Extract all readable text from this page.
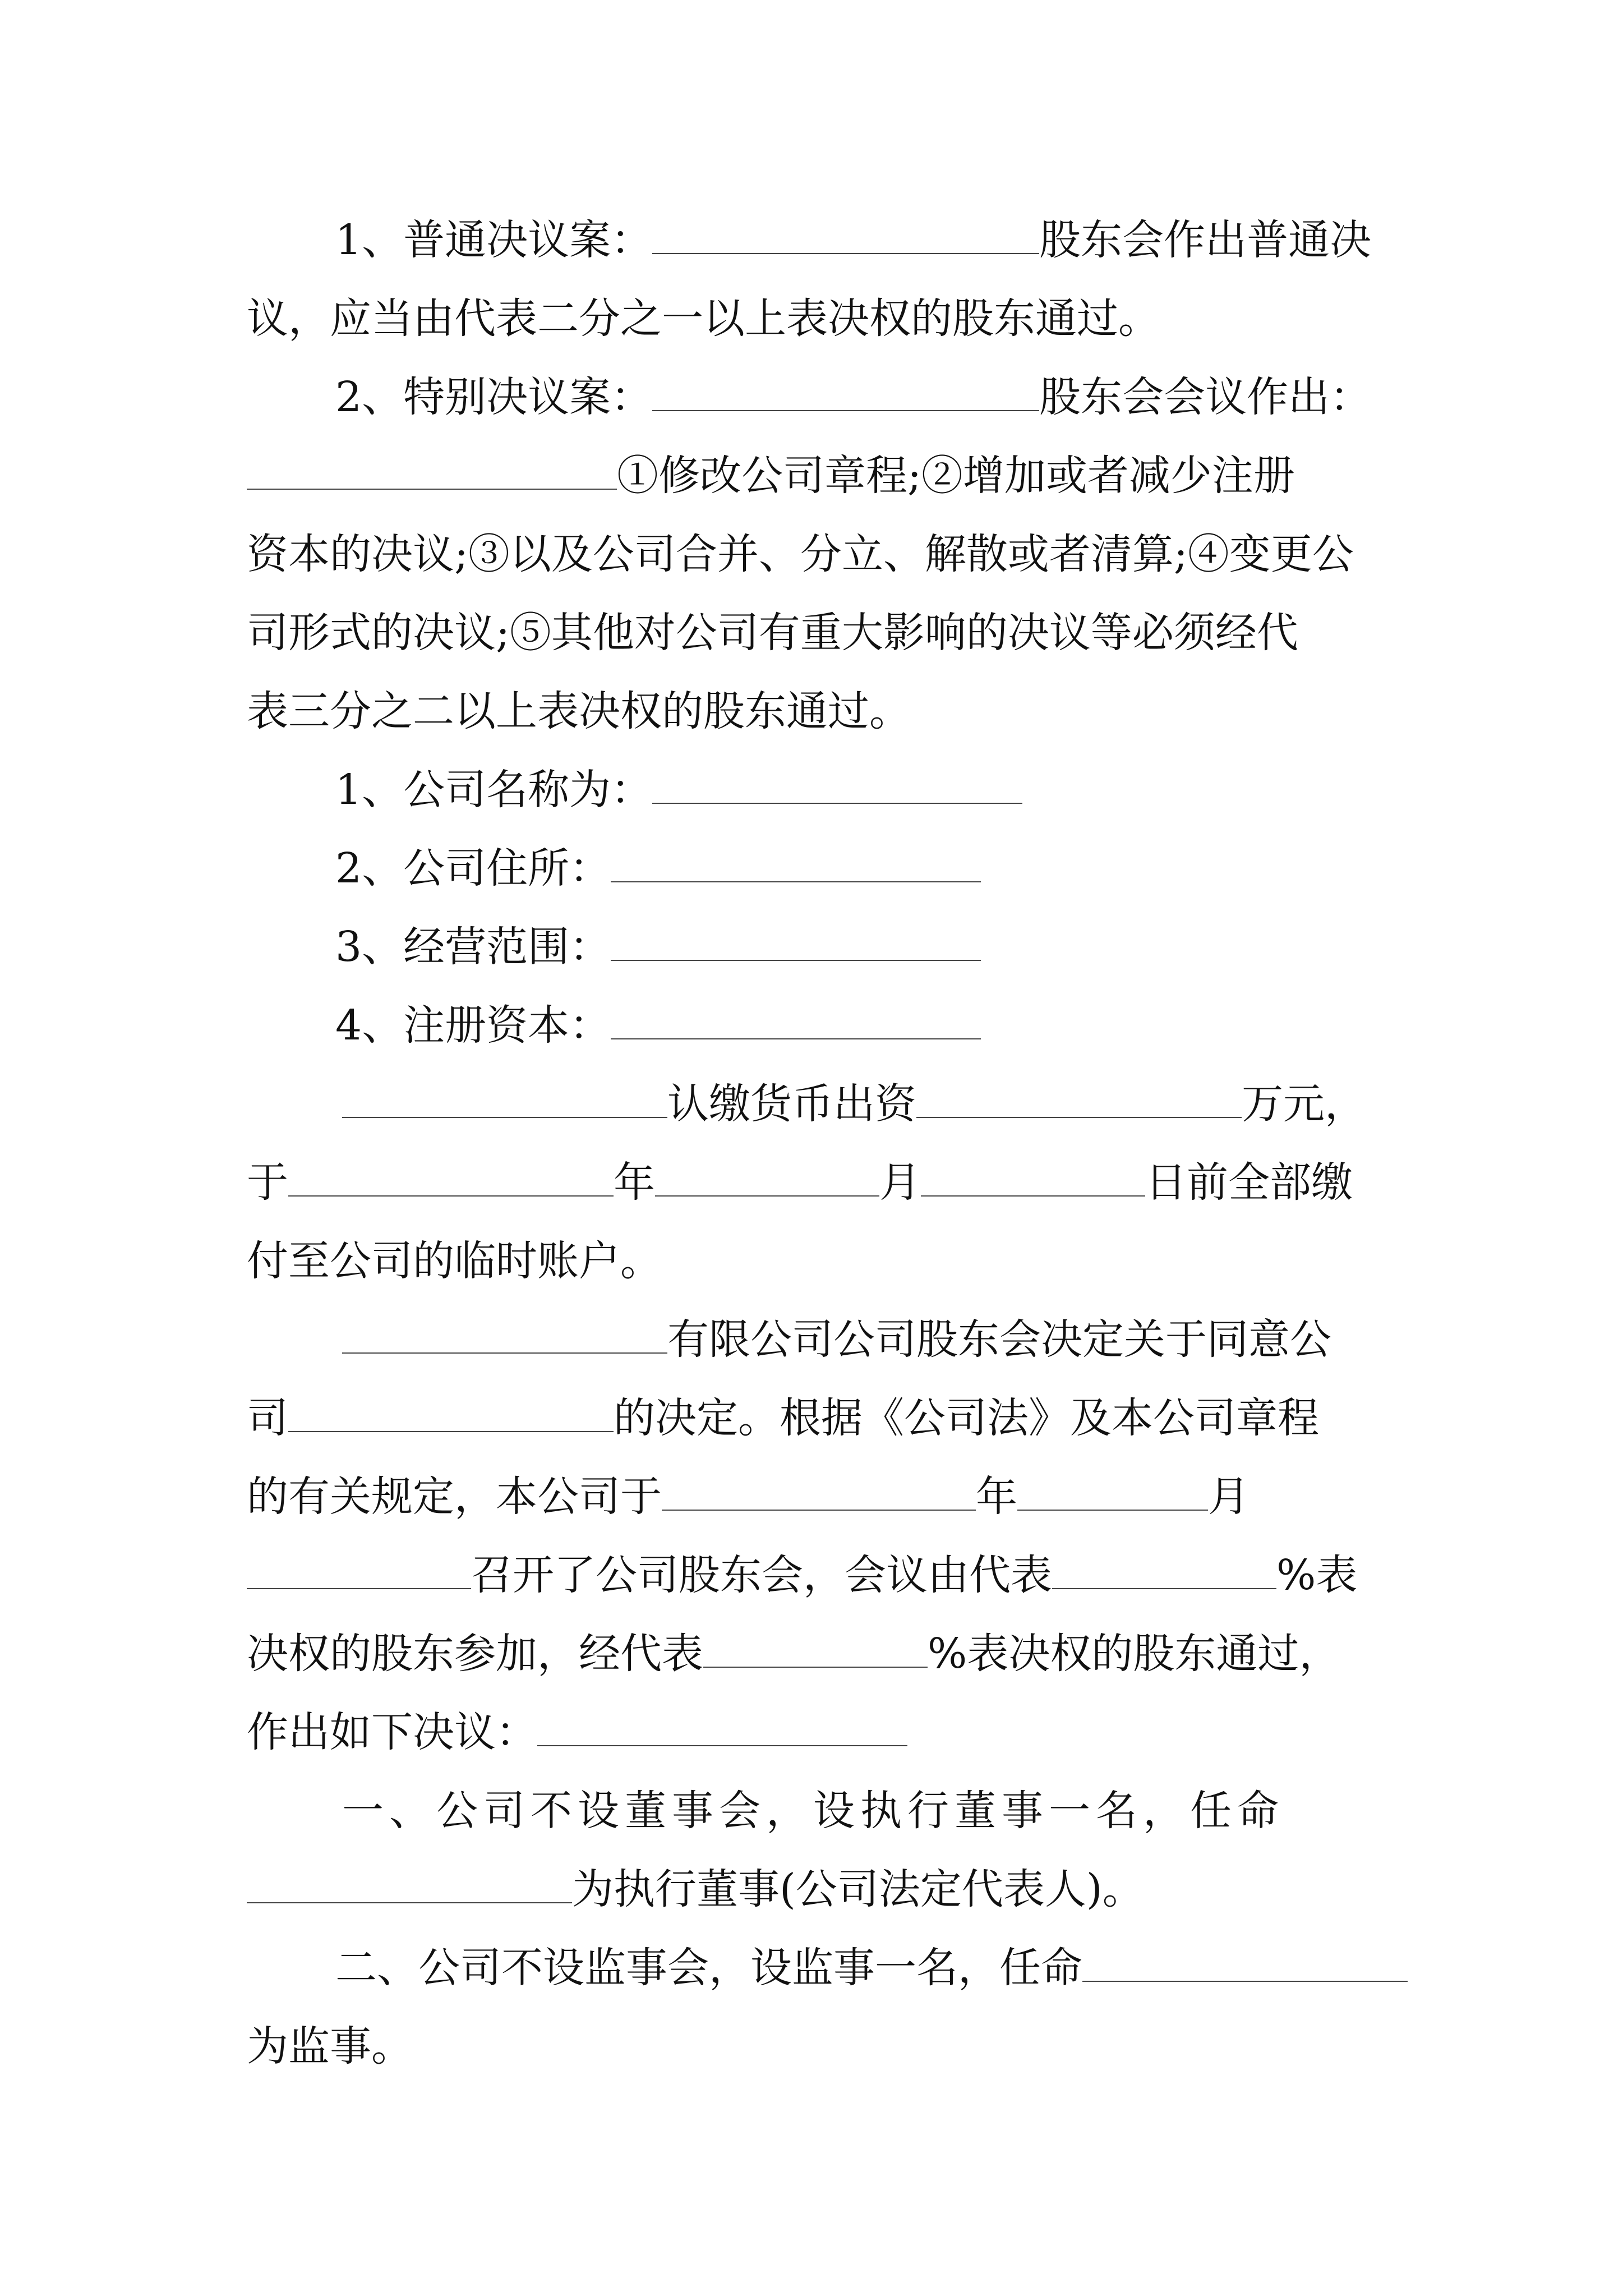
1、普通决议案：	股东会作出普通决
议，应当由代表二分之一以上表决权的股东通过。
2、特别决议案：	股东会会议作出：
①修改公司章程;②增加或者减少注册
资本的决议;③以及公司合并、分立、解散或者清算;④变更公
司形式的决议;⑤其他对公司有重大影响的决议等必须经代
表三分之二以上表决权的股东通过。
1、公司名称为：
2、公司住所：
3、经营范围：
4、注册资本：
认缴货币出资	万元，
于	年	月	日前全部缴
付至公司的临时账户。
有限公司公司股东会决定关于同意公
司	的决定。根据《公司法》及本公司章程
的有关规定，本公司于	年	月
召开了公司股东会，会议由代表	%表
决权的股东参加，经代表	%表决权的股东通过，
作出如下决议：
一、公司不设董事会，设执行董事一名，任命
为执行董事(公司法定代表人)。
二、公司不设监事会，设监事一名，任命
为监事。
